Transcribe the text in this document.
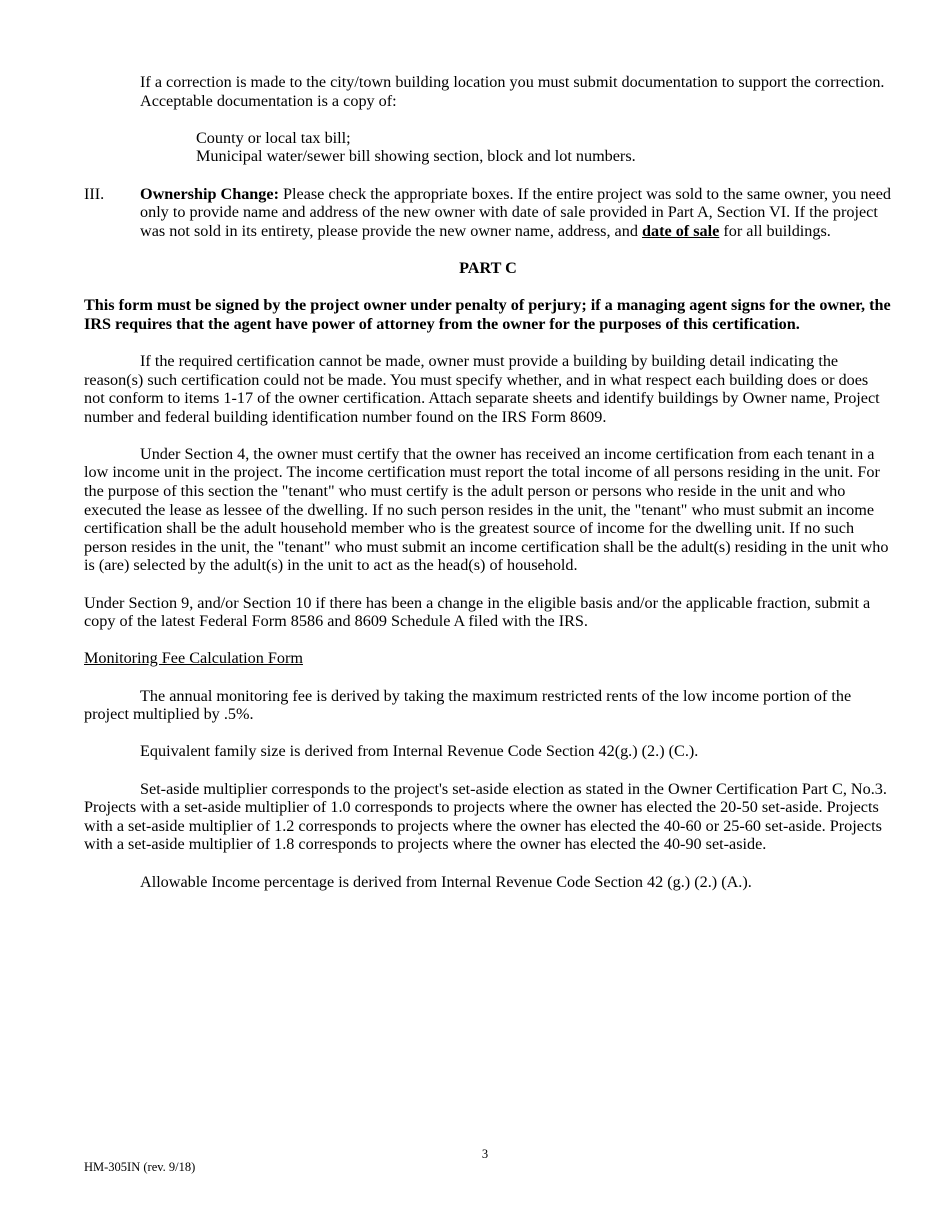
If a correction is made to the city/town building location you must submit documentation to support the correction. Acceptable documentation is a copy of:

County or local tax bill;

Municipal water/sewer bill showing section, block and lot numbers.

III.	Ownership Change: Please check the appropriate boxes. If the entire project was sold to the same owner, you need only to provide name and address of the new owner with date of sale provided in Part A, Section VI. If the project was not sold in its entirety, please provide the new owner name, address, and date of sale for all buildings.

PART C

This form must be signed by the project owner under penalty of perjury; if a managing agent signs for the owner, the IRS requires that the agent have power of attorney from the owner for the purposes of this certification.

If the required certification cannot be made, owner must provide a building by building detail indicating the reason(s) such certification could not be made. You must specify whether, and in what respect each building does or does not conform to items 1-17 of the owner certification. Attach separate sheets and identify buildings by Owner name, Project number and federal building identification number found on the IRS Form 8609.

Under Section 4, the owner must certify that the owner has received an income certification from each tenant in a low income unit in the project. The income certification must report the total income of all persons residing in the unit. For the purpose of this section the "tenant" who must certify is the adult person or persons who reside in the unit and who executed the lease as lessee of the dwelling. If no such person resides in the unit, the "tenant" who must submit an income certification shall be the adult household member who is the greatest source of income for the dwelling unit. If no such person resides in the unit, the "tenant" who must submit an income certification shall be the adult(s) residing in the unit who is (are) selected by the adult(s) in the unit to act as the head(s) of household.

Under Section 9, and/or Section 10 if there has been a change in the eligible basis and/or the applicable fraction, submit a copy of the latest Federal Form 8586 and 8609 Schedule A filed with the IRS.

Monitoring Fee Calculation Form

The annual monitoring fee is derived by taking the maximum restricted rents of the low income portion of the project multiplied by .5%.

Equivalent family size is derived from Internal Revenue Code Section 42(g.) (2.) (C.).

Set-aside multiplier corresponds to the project's set-aside election as stated in the Owner Certification Part C, No.3. Projects with a set-aside multiplier of 1.0 corresponds to projects where the owner has elected the 20-50 set-aside. Projects with a set-aside multiplier of 1.2 corresponds to projects where the owner has elected the 40-60 or 25-60 set-aside. Projects with a set-aside multiplier of 1.8 corresponds to projects where the owner has elected the 40-90 set-aside.

Allowable Income percentage is derived from Internal Revenue Code Section 42 (g.) (2.) (A.).

3
HM-305IN (rev. 9/18)
